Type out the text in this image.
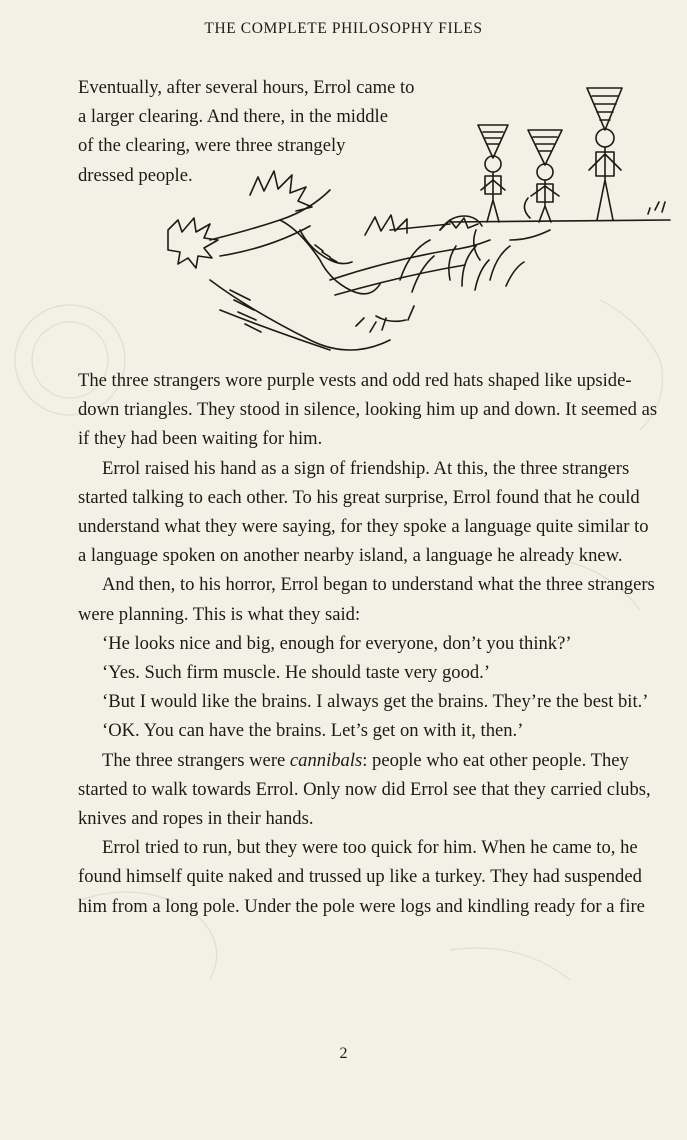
THE COMPLETE PHILOSOPHY FILES

Eventually, after several hours, Errol came to
a larger clearing. And there, in the middle
of the clearing, were three strangely
dressed people.

The three strangers wore purple vests and odd red hats shaped like upside-down triangles. They stood in silence, looking him up and down. It seemed as if they had been waiting for him.

Errol raised his hand as a sign of friendship. At this, the three strangers started talking to each other. To his great surprise, Errol found that he could understand what they were saying, for they spoke a language quite similar to a language spoken on another nearby island, a language he already knew.

And then, to his horror, Errol began to understand what the three strangers were planning. This is what they said:

‘He looks nice and big, enough for everyone, don’t you think?’

‘Yes. Such firm muscle. He should taste very good.’

‘But I would like the brains. I always get the brains. They’re the best bit.’

‘OK. You can have the brains. Let’s get on with it, then.’

The three strangers were cannibals: people who eat other people. They started to walk towards Errol. Only now did Errol see that they carried clubs, knives and ropes in their hands.

Errol tried to run, but they were too quick for him. When he came to, he found himself quite naked and trussed up like a turkey. They had suspended him from a long pole. Under the pole were logs and kindling ready for a fire

2
